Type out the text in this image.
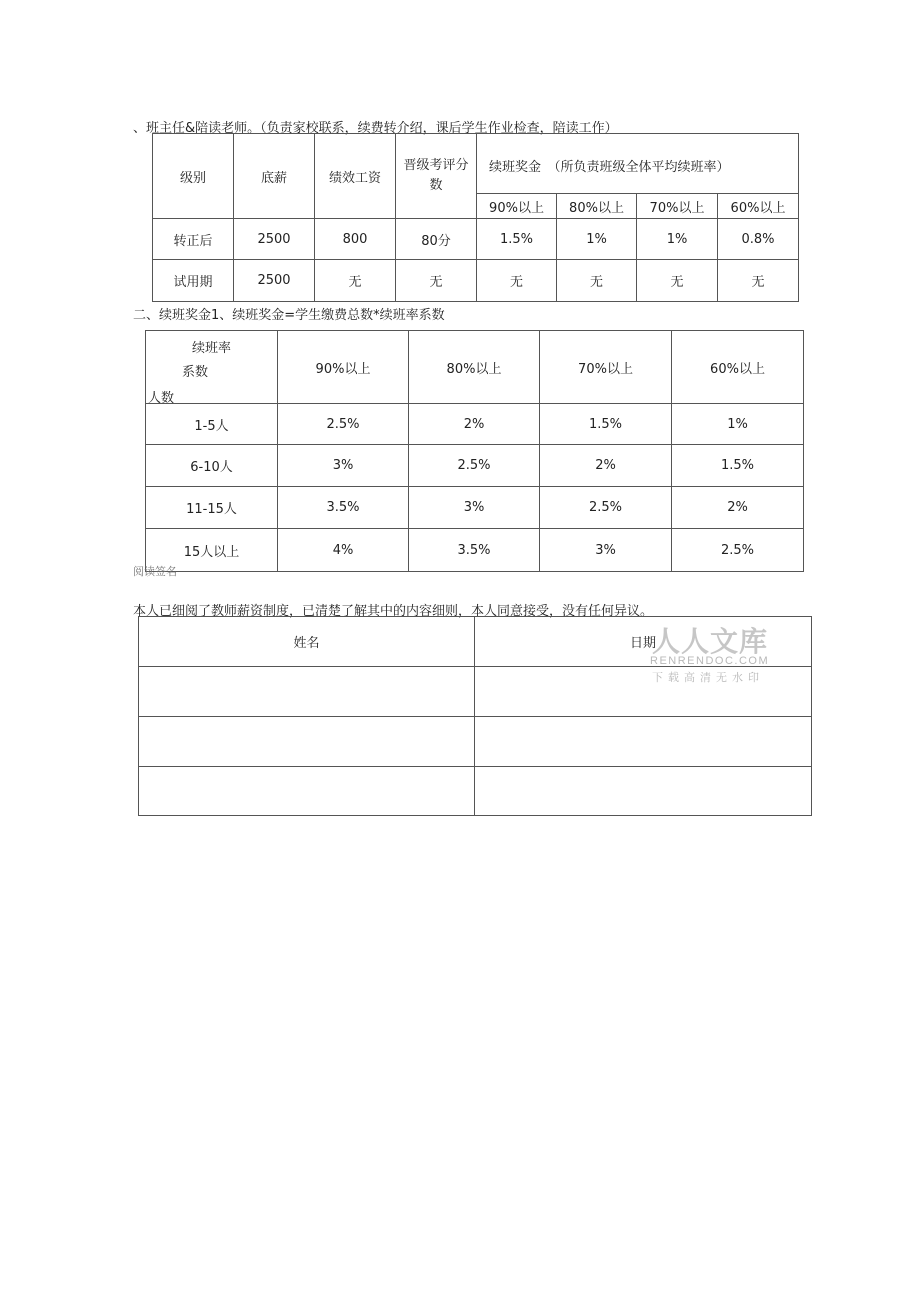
、班主任&陪读老师。（负责家校联系，续费转介绍，课后学生作业检查，陪读工作）
级别	底薪	绩效工资	晋级考评分数	续班奖金　（所负责班级全体平均续班率）			
				90%以上	80%以上	70%以上	60%以上
转正后	2500	800	80分	1.5%	1%	1%	0.8%
试用期	2500	无	无	无	无	无	无
二、续班奖金1、续班奖金=学生缴费总数*续班率系数
续班率
系数
人数	90%以上	80%以上	70%以上	60%以上
1-5人	2.5%	2%	1.5%	1%
6-10人	3%	2.5%	2%	1.5%
11-15人	3.5%	3%	2.5%	2%
15人以上	4%	3.5%	3%	2.5%
阅读签名
本人已细阅了教师薪资制度，已清楚了解其中的内容细则，本人同意接受，没有任何异议。
姓名	日期

人人文库
RENRENDOC.COM
下载高清无水印
